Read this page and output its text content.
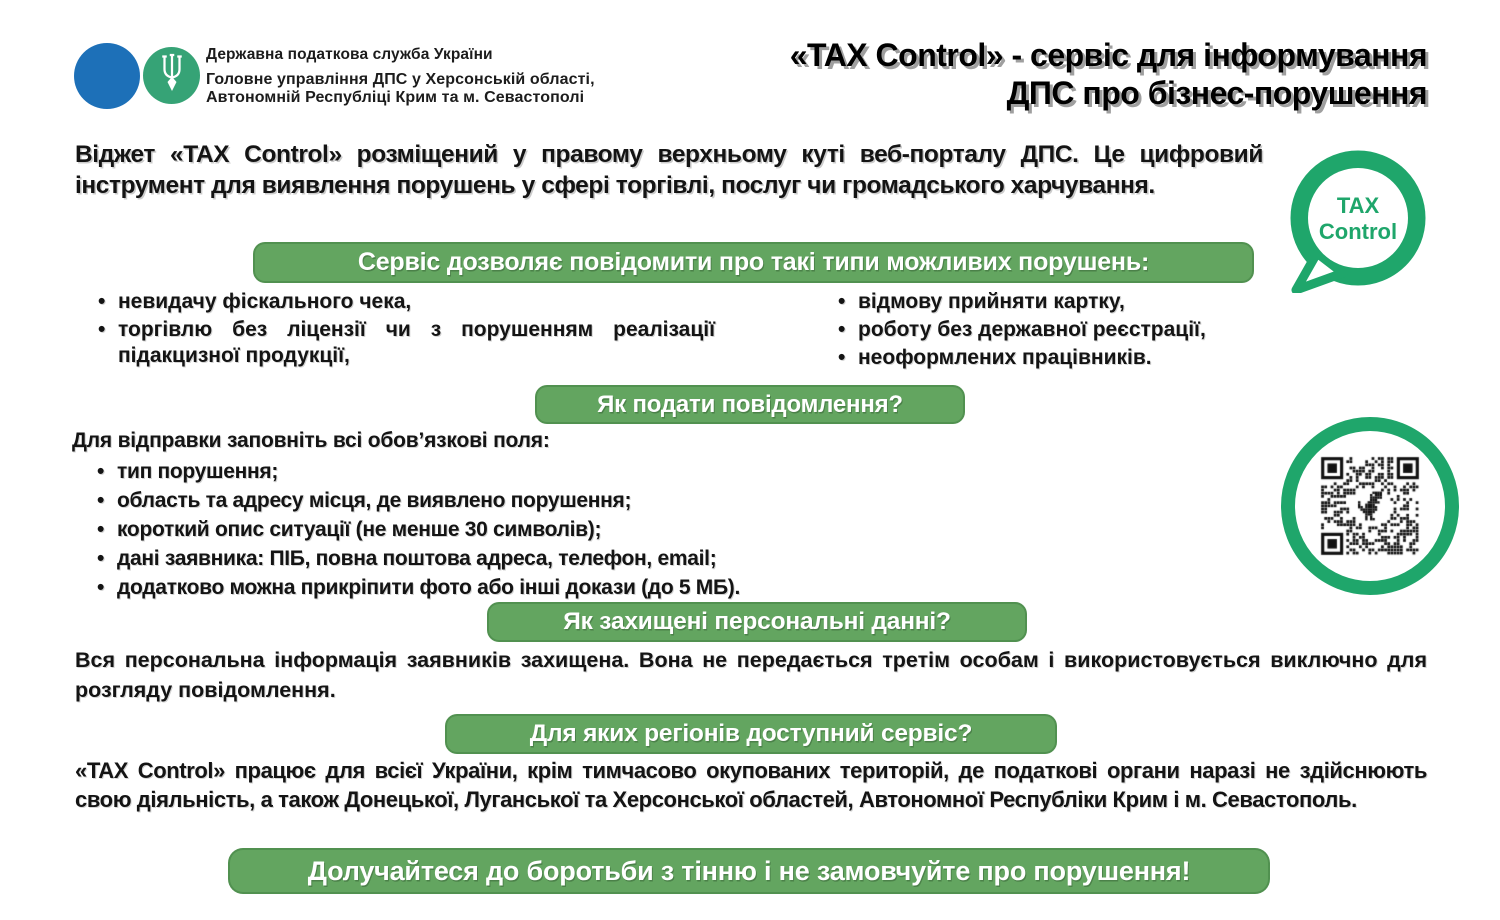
Державна податкова служба України
Головне управління ДПС у Херсонській області,
Автономній Республіці Крим та м. Севастополі
«TAX Control» - сервіс для інформування
ДПС про бізнес-порушення
Віджет «TAX Control» розміщений у правому верхньому куті веб-порталу ДПС. Це цифровий інструмент для виявлення порушень у сфері торгівлі, послуг чи громадського харчування.
TAX
Control
Сервіс дозволяє повідомити про такі типи можливих порушень:
• невидачу фіскального чека,
• торгівлю без ліцензії чи з порушенням реалізації підакцизної продукції,
• відмову прийняти картку,
• роботу без державної реєстрації,
• неоформлених працівників.
Як подати повідомлення?
Для відправки заповніть всі обов’язкові поля:
• тип порушення;
• область та адресу місця, де виявлено порушення;
• короткий опис ситуації (не менше 30 символів);
• дані заявника: ПІБ, повна поштова адреса, телефон, email;
• додатково можна прикріпити фото або інші докази (до 5 МБ).
Як захищені персональні данні?
Вся персональна інформація заявників захищена. Вона не передається третім особам і використовується виключно для розгляду повідомлення.
Для яких регіонів доступний сервіс?
«TAX Control» працює для всієї України, крім тимчасово окупованих територій, де податкові органи наразі не здійснюють свою діяльність, а також Донецької, Луганської та Херсонської областей, Автономної Республіки Крим і м. Севастополь.
Долучайтеся до боротьби з тінню і не замовчуйте про порушення!
